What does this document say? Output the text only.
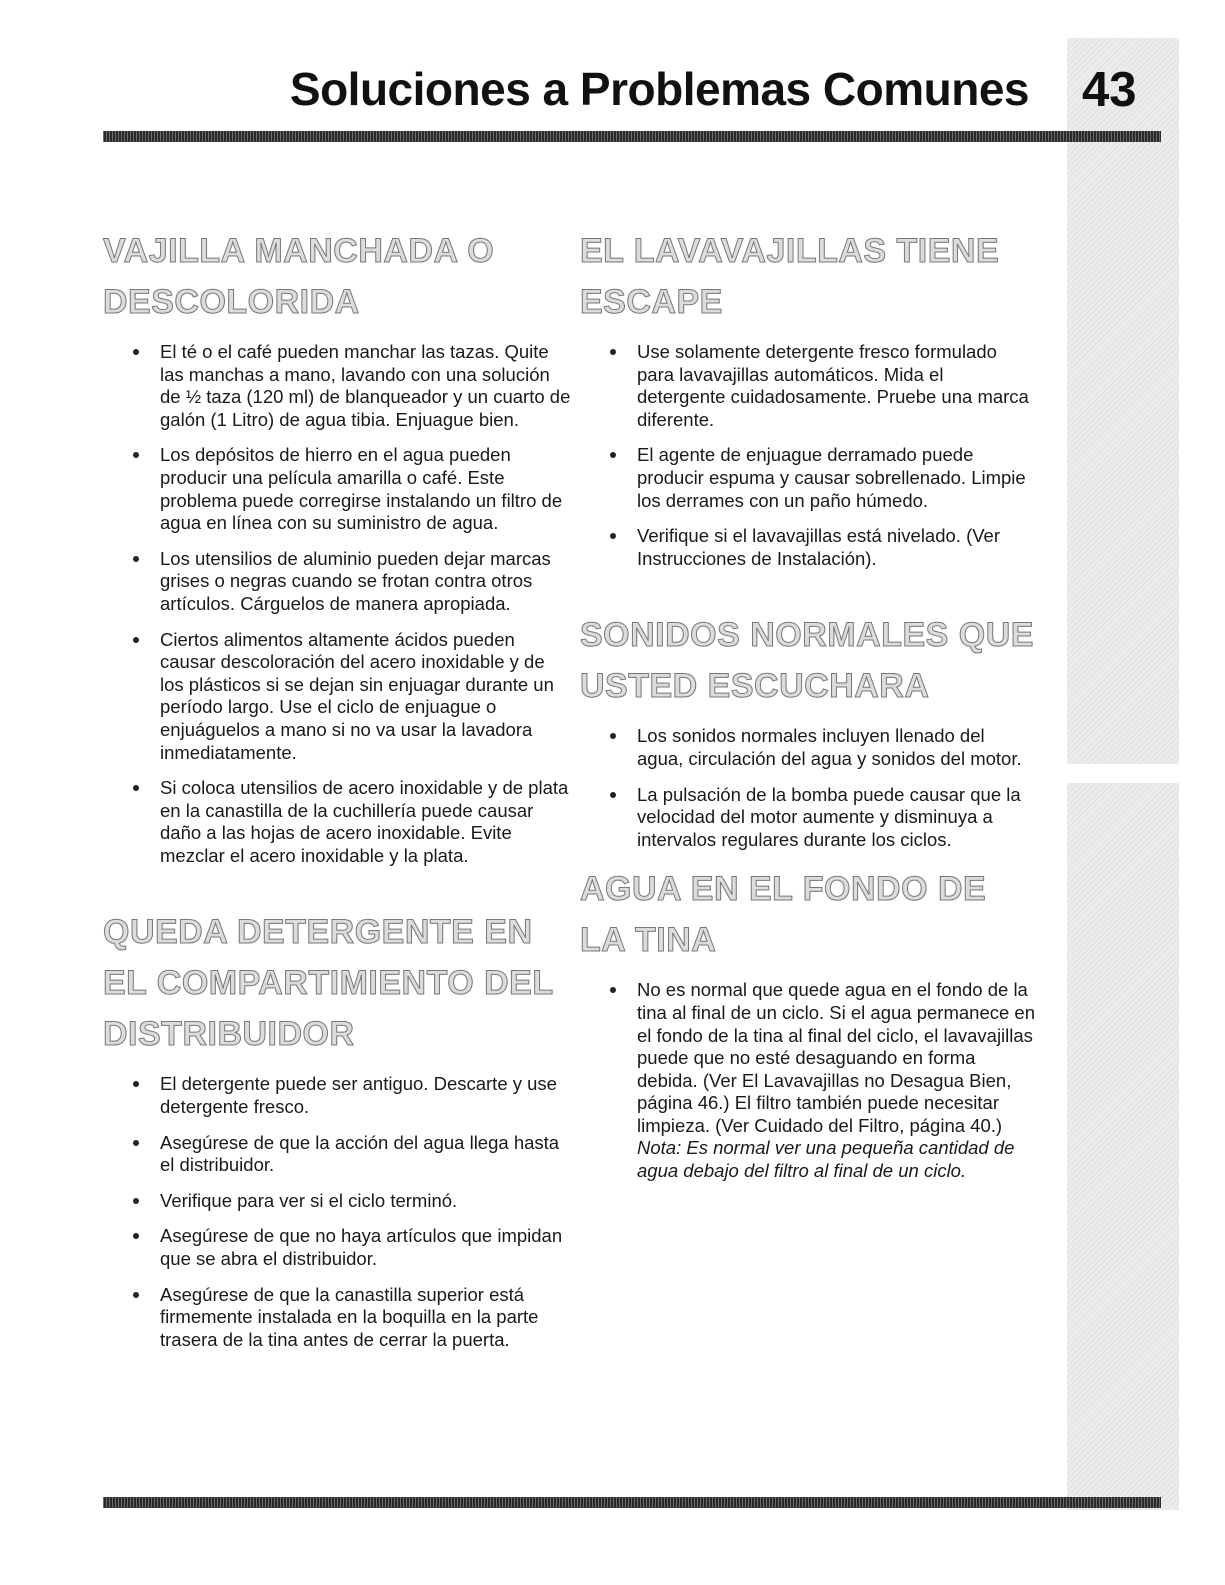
Soluciones a Problemas Comunes 43
VAJILLA MANCHADA O DESCOLORIDA
El té o el café pueden manchar las tazas. Quite las manchas a mano, lavando con una solución de ½ taza (120 ml) de blanqueador y un cuarto de galón (1 Litro) de agua tibia. Enjuague bien.
Los depósitos de hierro en el agua pueden producir una película amarilla o café. Este problema puede corregirse instalando un filtro de agua en línea con su suministro de agua.
Los utensilios de aluminio pueden dejar marcas grises o negras cuando se frotan contra otros artículos. Cárguelos de manera apropiada.
Ciertos alimentos altamente ácidos pueden causar descoloración del acero inoxidable y de los plásticos si se dejan sin enjuagar durante un período largo. Use el ciclo de enjuague o enjuáguelos a mano si no va usar la lavadora inmediatamente.
Si coloca utensilios de acero inoxidable y de plata en la canastilla de la cuchillería puede causar daño a las hojas de acero inoxidable. Evite mezclar el acero inoxidable y la plata.
QUEDA DETERGENTE EN EL COMPARTIMIENTO DEL DISTRIBUIDOR
El detergente puede ser antiguo. Descarte y use detergente fresco.
Asegúrese de que la acción del agua llega hasta el distribuidor.
Verifique para ver si el ciclo terminó.
Asegúrese de que no haya artículos que impidan que se abra el distribuidor.
Asegúrese de que la canastilla superior está firmemente instalada en la boquilla en la parte trasera de la tina antes de cerrar la puerta.
EL LAVAVAJILLAS TIENE ESCAPE
Use solamente detergente fresco formulado para lavavajillas automáticos. Mida el detergente cuidadosamente. Pruebe una marca diferente.
El agente de enjuague derramado puede producir espuma y causar sobrellenado. Limpie los derrames con un paño húmedo.
Verifique si el lavavajillas está nivelado. (Ver Instrucciones de Instalación).
SONIDOS NORMALES QUE USTED ESCUCHARA
Los sonidos normales incluyen llenado del agua, circulación del agua y sonidos del motor.
La pulsación de la bomba puede causar que la velocidad del motor aumente y disminuya a intervalos regulares durante los ciclos.
AGUA EN EL FONDO DE LA TINA
No es normal que quede agua en el fondo de la tina al final de un ciclo. Si el agua permanece en el fondo de la tina al final del ciclo, el lavavajillas puede que no esté desaguando en forma debida. (Ver El Lavavajillas no Desagua Bien, página 46.) El filtro también puede necesitar limpieza. (Ver Cuidado del Filtro, página 40.) Nota: Es normal ver una pequeña cantidad de agua debajo del filtro al final de un ciclo.
